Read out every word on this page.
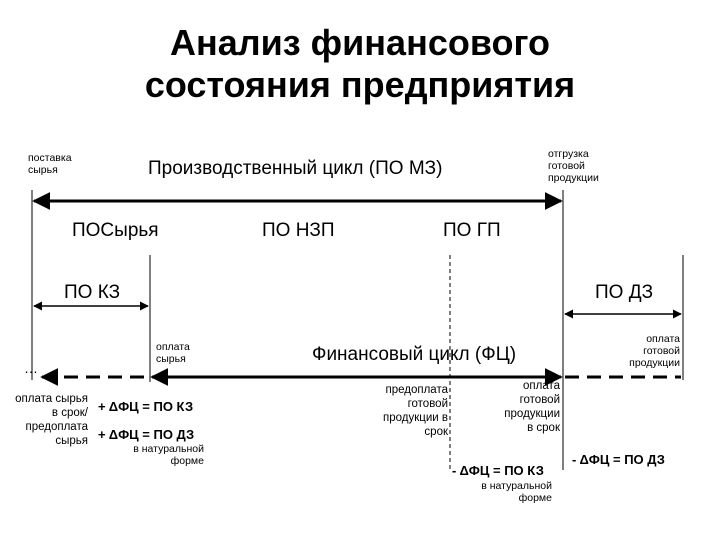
Анализ финансового
состояния предприятия
поставка
сырья	Производственный цикл (ПО МЗ)
отгрузка
готовой
продукции
ПОСырья	ПО НЗП	ПО ГП
ПО КЗ	ПО ДЗ
оплата
сырья	Финансовый цикл (ФЦ)
оплата
готовой
продукции
…
оплата сырья
в срок/
предоплата
сырья
+ ΔФЦ = ПО КЗ
+ ΔФЦ = ПО ДЗ
в натуральной
форме
предоплата
готовой
продукции в
срок
оплата
готовой
продукции
в срок
- ΔФЦ = ПО КЗ
в натуральной
форме
- ΔФЦ = ПО ДЗ
